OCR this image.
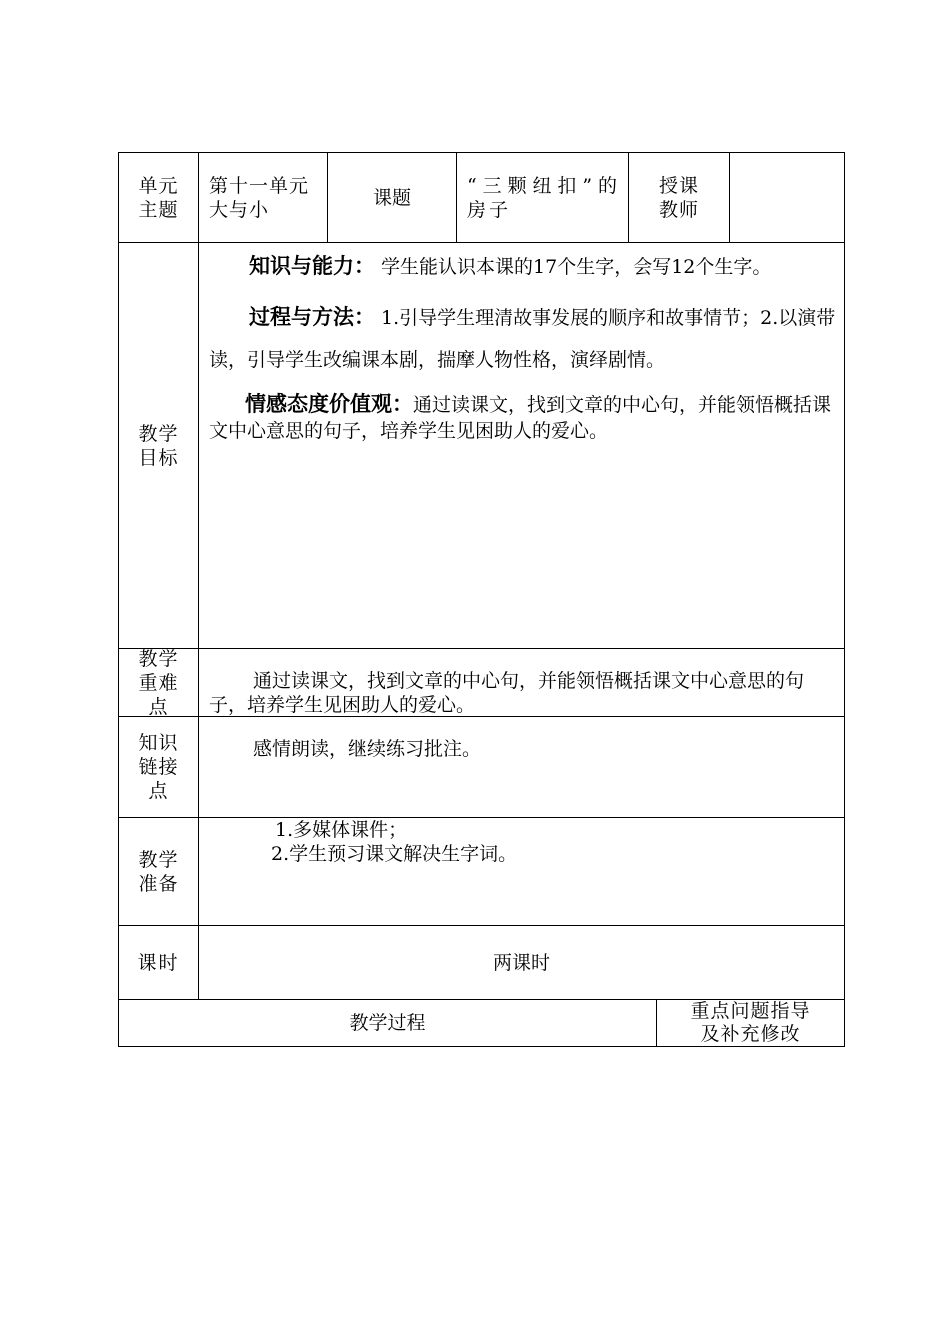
单元
主题
第十一单元
大与小
课题
“三颗纽扣”的房子
授课
教师
教学
目标

知识与能力： 学生能认识本课的17个生字，会写12个生字。

过程与方法： 1.引导学生理清故事发展的顺序和故事情节；2.以演带读，引导学生改编课本剧，揣摩人物性格，演绎剧情。

情感态度价值观：通过读课文，找到文章的中心句，并能领悟概括课文中心意思的句子，培养学生见困助人的爱心。

教学
重难
点
通过读课文，找到文章的中心句，并能领悟概括课文中心意思的句子，培养学生见困助人的爱心。
知识
链接
点
感情朗读，继续练习批注。
教学
准备
1.多媒体课件；
2.学生预习课文解决生字词。
课时	两课时
教学过程
重点问题指导
及补充修改
